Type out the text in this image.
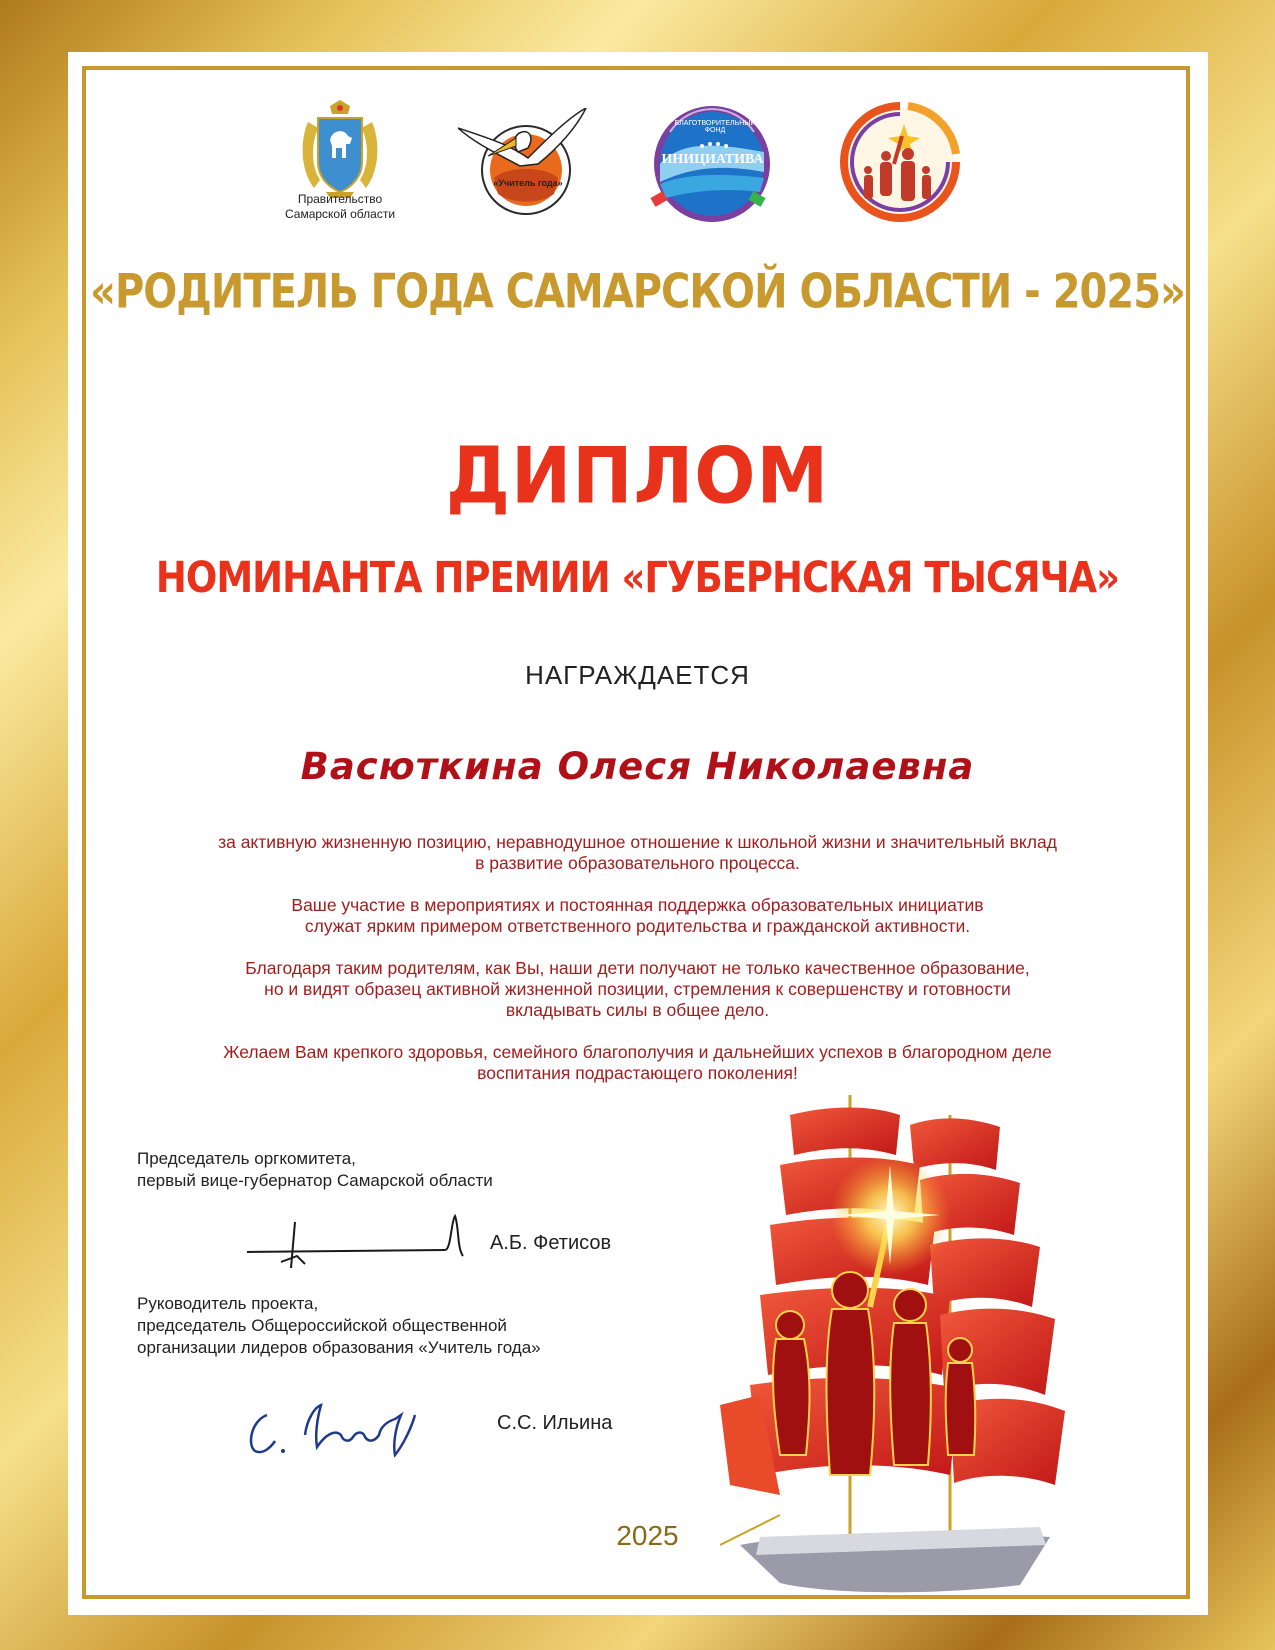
Правительство
Самарской области
«Учитель года»
ИНИЦИАТИВА
БЛАГОТВОРИТЕЛЬНЫЙ ФОНД
«РОДИТЕЛЬ ГОДА САМАРСКОЙ ОБЛАСТИ - 2025»
ДИПЛОМ
НОМИНАНТА ПРЕМИИ «ГУБЕРНСКАЯ ТЫСЯЧА»
НАГРАЖДАЕТСЯ
Васюткина Олеся Николаевна

за активную жизненную позицию, неравнодушное отношение к школьной жизни и значительный вклад
в развитие образовательного процесса.

Ваше участие в мероприятиях и постоянная поддержка образовательных инициатив
служат ярким примером ответственного родительства и гражданской активности.

Благодаря таким родителям, как Вы, наши дети получают не только качественное образование,
но и видят образец активной жизненной позиции, стремления к совершенству и готовности
вкладывать силы в общее дело.

Желаем Вам крепкого здоровья, семейного благополучия и дальнейших успехов в благородном деле
воспитания подрастающего поколения!

Председатель оргкомитета,
первый вице-губернатор Самарской области
А.Б. Фетисов
Руководитель проекта,
председатель Общероссийской общественной
организации лидеров образования «Учитель года»
С.С. Ильина
2025
